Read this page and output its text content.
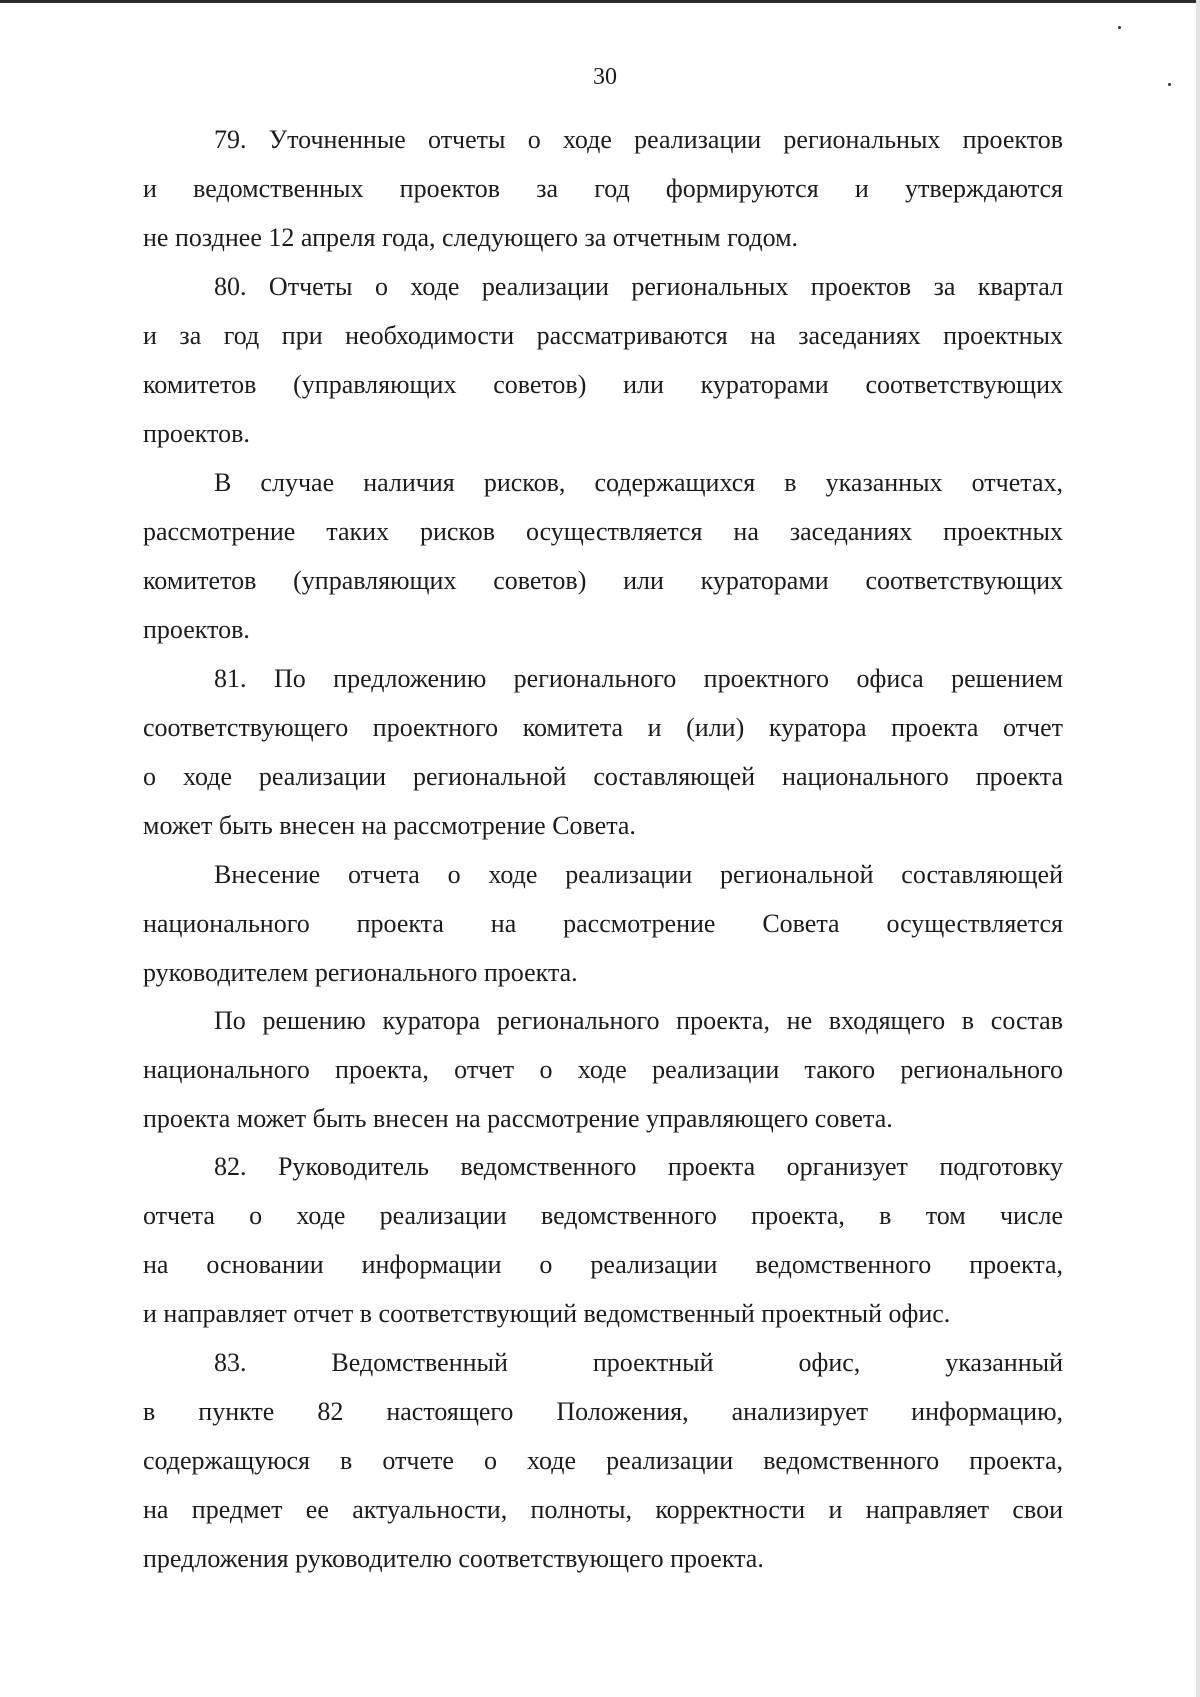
30
79. Уточненные отчеты о ходе реализации региональных проектов
и ведомственных проектов за год формируются и утверждаются
не позднее 12 апреля года, следующего за отчетным годом.
80. Отчеты о ходе реализации региональных проектов за квартал
и за год при необходимости рассматриваются на заседаниях проектных
комитетов (управляющих советов) или кураторами соответствующих
проектов.
В случае наличия рисков, содержащихся в указанных отчетах,
рассмотрение таких рисков осуществляется на заседаниях проектных
комитетов (управляющих советов) или кураторами соответствующих
проектов.
81. По предложению регионального проектного офиса решением
соответствующего проектного комитета и (или) куратора проекта отчет
о ходе реализации региональной составляющей национального проекта
может быть внесен на рассмотрение Совета.
Внесение отчета о ходе реализации региональной составляющей
национального проекта на рассмотрение Совета осуществляется
руководителем регионального проекта.
По решению куратора регионального проекта, не входящего в состав
национального проекта, отчет о ходе реализации такого регионального
проекта может быть внесен на рассмотрение управляющего совета.
82. Руководитель ведомственного проекта организует подготовку
отчета о ходе реализации ведомственного проекта, в том числе
на основании информации о реализации ведомственного проекта,
и направляет отчет в соответствующий ведомственный проектный офис.
83. Ведомственный проектный офис, указанный
в пункте 82 настоящего Положения, анализирует информацию,
содержащуюся в отчете о ходе реализации ведомственного проекта,
на предмет ее актуальности, полноты, корректности и направляет свои
предложения руководителю соответствующего проекта.
